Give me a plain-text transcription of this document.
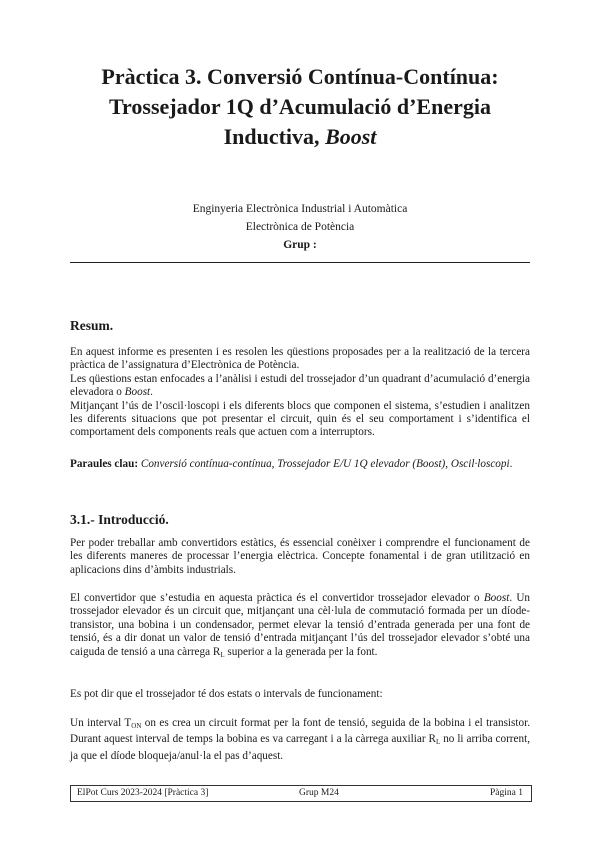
Pràctica 3. Conversió Contínua-Contínua:
Trossejador 1Q d’Acumulació d’Energia
Inductiva, Boost
Enginyeria Electrònica Industrial i Automàtica
Electrònica de Potència
Grup :
Resum.

En aquest informe es presenten i es resolen les qüestions proposades per a la realització de la tercera pràctica de l’assignatura d’Electrònica de Potència.

Les qüestions estan enfocades a l’anàlisi i estudi del trossejador d’un quadrant d’acumulació d’energia elevadora o Boost.

Mitjançant l’ús de l’oscil·loscopi i els diferents blocs que componen el sistema, s’estudien i analitzen les diferents situacions que pot presentar el circuit, quin és el seu comportament i s’identifica el comportament dels components reals que actuen com a interruptors.

Paraules clau: Conversió contínua-contínua, Trossejador E/U 1Q elevador (Boost), Oscil·loscopi.

3.1.- Introducció.
Per poder treballar amb convertidors estàtics, és essencial conèixer i comprendre el funcionament de les diferents maneres de processar l’energia elèctrica. Concepte fonamental i de gran utilització en aplicacions dins d’àmbits industrials.

El convertidor que s’estudia en aquesta pràctica és el convertidor trossejador elevador o Boost. Un trossejador elevador és un circuit que, mitjançant una cèl·lula de commutació formada per un díode-transistor, una bobina i un condensador, permet elevar la tensió d’entrada generada per una font de tensió, és a dir donat un valor de tensió d’entrada mitjançant l’ús del trossejador elevador s’obté una caiguda de tensió a una càrrega $R_L$ superior a la generada per la font.

Es pot dir que el trossejador té dos estats o intervals de funcionament:

Un interval $T_{ON}$ on es crea un circuit format per la font de tensió, seguida de la bobina i el transistor. Durant aquest interval de temps la bobina es va carregant i a la càrrega auxiliar $R_L$ no li arriba corrent, ja que el díode bloqueja/anul·la el pas d’aquest.

ElPot Curs 2023-2024 [Pràctica 3]	Grup M24	Pàgina 1
